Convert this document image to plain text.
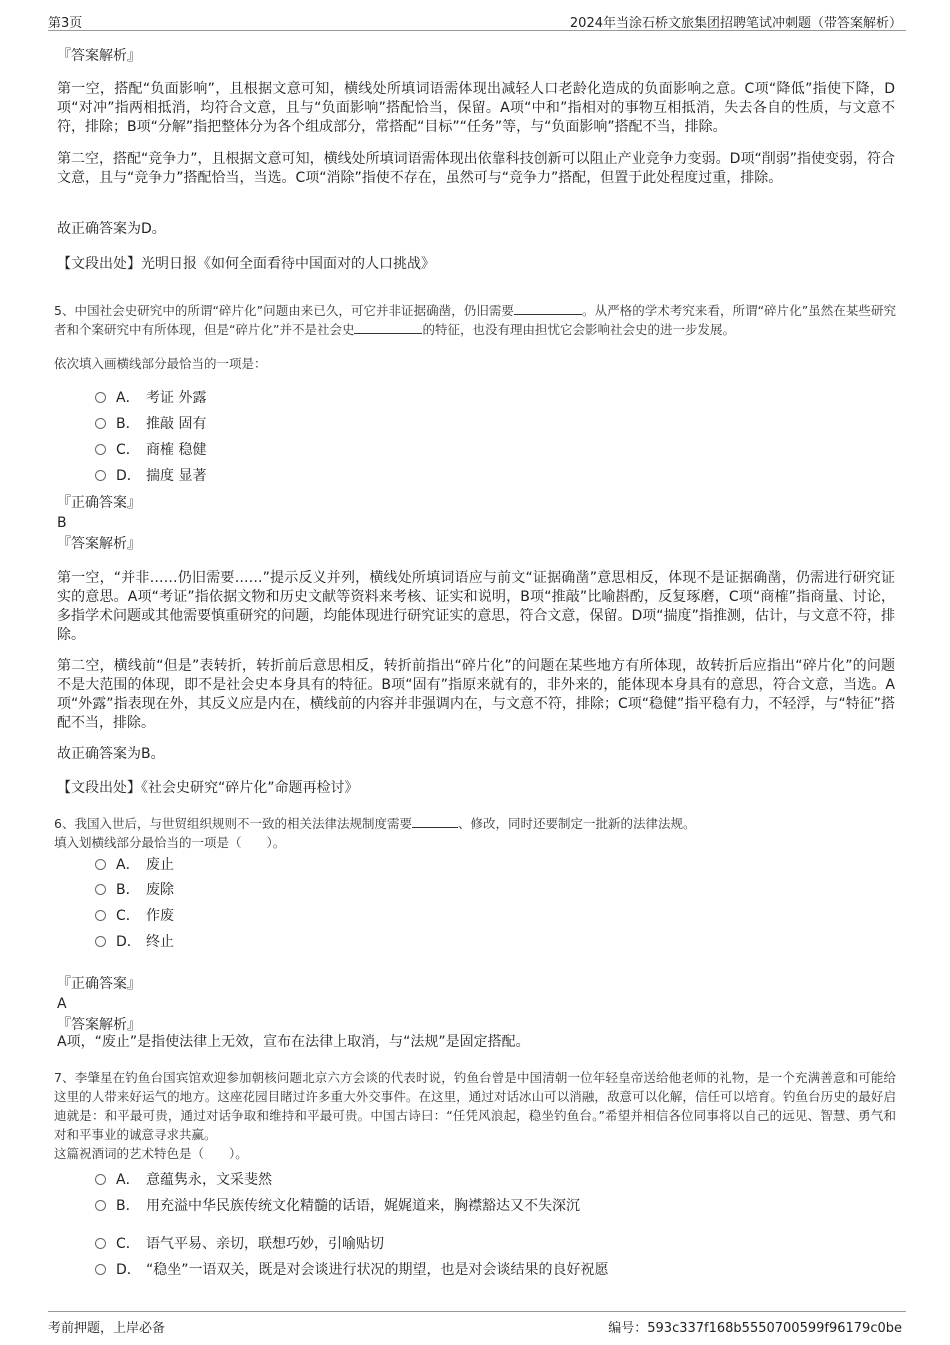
第3页	2024年当涂石桥文旅集团招聘笔试冲刺题（带答案解析）
『答案解析』
第一空，搭配“负面影响”，且根据文意可知，横线处所填词语需体现出减轻人口老龄化造成的负面影响之意。C项“降低”指使下降，D项“对冲”指两相抵消，均符合文意，且与“负面影响”搭配恰当，保留。A项“中和”指相对的事物互相抵消，失去各自的性质，与文意不符，排除；B项“分解”指把整体分为各个组成部分，常搭配“目标”“任务”等，与“负面影响”搭配不当，排除。
第二空，搭配“竞争力”，且根据文意可知，横线处所填词语需体现出依靠科技创新可以阻止产业竞争力变弱。D项“削弱”指使变弱，符合文意，且与“竞争力”搭配恰当，当选。C项“消除”指使不存在，虽然可与“竞争力”搭配，但置于此处程度过重，排除。
故正确答案为D。
【文段出处】光明日报《如何全面看待中国面对的人口挑战》
5、中国社会史研究中的所谓“碎片化”问题由来已久，可它并非证据确凿，仍旧需要	。从严格的学术考究来看，所谓“碎片化”虽然在某些研究者和个案研究中有所体现，但是“碎片化”并不是社会史	的特征，也没有理由担忧它会影响社会史的进一步发展。
依次填入画横线部分最恰当的一项是：
A． 考证 外露
B． 推敲 固有
C． 商榷 稳健
D． 揣度 显著
『正确答案』
B
『答案解析』
第一空，“并非……仍旧需要……”提示反义并列，横线处所填词语应与前文“证据确凿”意思相反，体现不是证据确凿，仍需进行研究证实的意思。A项“考证”指依据文物和历史文献等资料来考核、证实和说明，B项“推敲”比喻斟酌，反复琢磨，C项“商榷”指商量、讨论，多指学术问题或其他需要慎重研究的问题，均能体现进行研究证实的意思，符合文意，保留。D项“揣度”指推测，估计，与文意不符，排除。
第二空，横线前“但是”表转折，转折前后意思相反，转折前指出“碎片化”的问题在某些地方有所体现，故转折后应指出“碎片化”的问题不是大范围的体现，即不是社会史本身具有的特征。B项“固有”指原来就有的，非外来的，能体现本身具有的意思，符合文意，当选。A项“外露”指表现在外，其反义应是内在，横线前的内容并非强调内在，与文意不符，排除；C项“稳健”指平稳有力，不轻浮，与“特征”搭配不当，排除。
故正确答案为B。
【文段出处】《社会史研究“碎片化”命题再检讨》
6、我国入世后，与世贸组织规则不一致的相关法律法规制度需要	、修改，同时还要制定一批新的法律法规。
填入划横线部分最恰当的一项是（　　）。
A． 废止
B． 废除
C． 作废
D． 终止
『正确答案』
A
『答案解析』
A项，“废止”是指使法律上无效，宣布在法律上取消，与“法规”是固定搭配。
7、李肇星在钓鱼台国宾馆欢迎参加朝核问题北京六方会谈的代表时说，钓鱼台曾是中国清朝一位年轻皇帝送给他老师的礼物，是一个充满善意和可能给这里的人带来好运气的地方。这座花园目睹过许多重大外交事件。在这里，通过对话冰山可以消融，敌意可以化解，信任可以培育。钓鱼台历史的最好启迪就是：和平最可贵，通过对话争取和维持和平最可贵。中国古诗曰：“任凭风浪起，稳坐钓鱼台。”希望并相信各位同事将以自己的远见、智慧、勇气和对和平事业的诚意寻求共赢。
这篇祝酒词的艺术特色是（　　）。
A． 意蕴隽永，文采斐然
B． 用充溢中华民族传统文化精髓的话语，娓娓道来，胸襟豁达又不失深沉
C． 语气平易、亲切，联想巧妙，引喻贴切
D． “稳坐”一语双关，既是对会谈进行状况的期望，也是对会谈结果的良好祝愿
考前押题，上岸必备	编号：593c337f168b5550700599f96179c0be
